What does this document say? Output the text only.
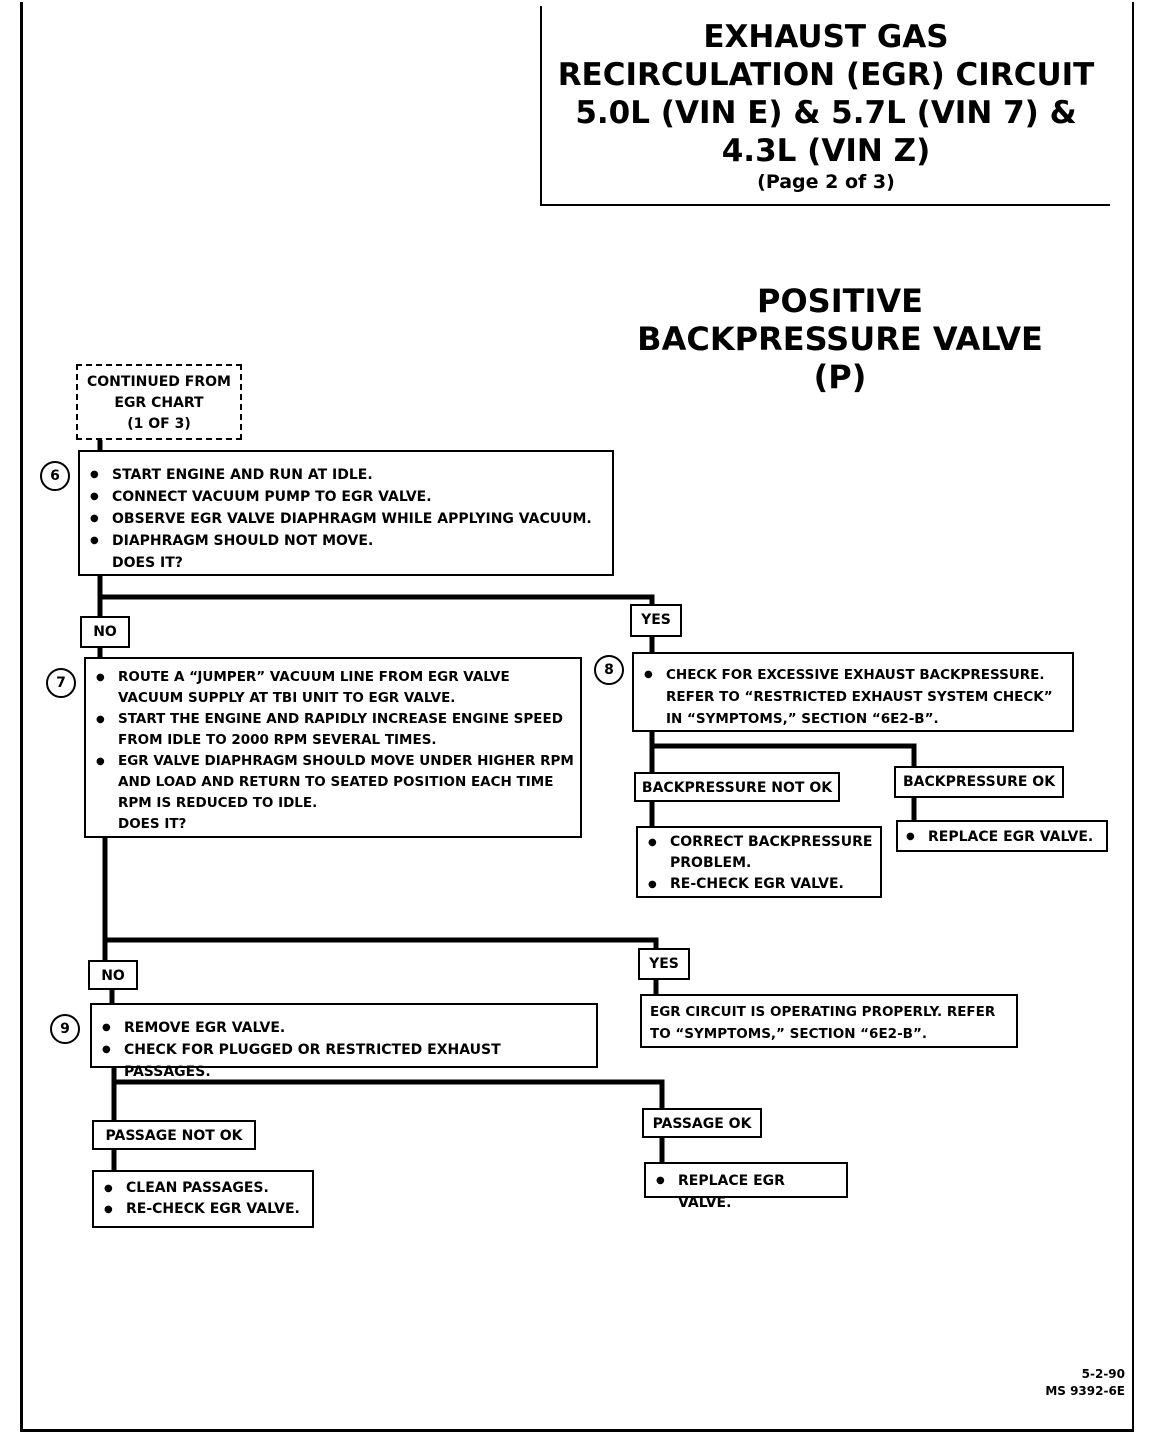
EXHAUST GAS
RECIRCULATION (EGR) CIRCUIT
5.0L (VIN E) & 5.7L (VIN 7) &
4.3L (VIN Z)
(Page 2 of 3)
POSITIVE
BACKPRESSURE VALVE
(P)
CONTINUED FROM
EGR CHART
(1 OF 3)
6	● START ENGINE AND RUN AT IDLE.
● CONNECT VACUUM PUMP TO EGR VALVE.
● OBSERVE EGR VALVE DIAPHRAGM WHILE APPLYING VACUUM.
● DIAPHRAGM SHOULD NOT MOVE.
DOES IT?
NO
YES
7	● ROUTE A “JUMPER” VACUUM LINE FROM EGR VALVE VACUUM SUPPLY AT TBI UNIT TO EGR VALVE.
● START THE ENGINE AND RAPIDLY INCREASE ENGINE SPEED FROM IDLE TO 2000 RPM SEVERAL TIMES.
● EGR VALVE DIAPHRAGM SHOULD MOVE UNDER HIGHER RPM AND LOAD AND RETURN TO SEATED POSITION EACH TIME RPM IS REDUCED TO IDLE.
DOES IT?
8	● CHECK FOR EXCESSIVE EXHAUST BACKPRESSURE. REFER TO “RESTRICTED EXHAUST SYSTEM CHECK” IN “SYMPTOMS,” SECTION “6E2-B”.
BACKPRESSURE NOT OK	BACKPRESSURE OK
● CORRECT BACKPRESSURE PROBLEM.
● RE-CHECK EGR VALVE.
● REPLACE EGR VALVE.
NO
YES
9	● REMOVE EGR VALVE.
● CHECK FOR PLUGGED OR RESTRICTED EXHAUST PASSAGES.
EGR CIRCUIT IS OPERATING PROPERLY. REFER TO “SYMPTOMS,” SECTION “6E2-B”.
PASSAGE NOT OK
PASSAGE OK
● CLEAN PASSAGES.
● RE-CHECK EGR VALVE.
● REPLACE EGR VALVE.
5-2-90
MS 9392-6E
